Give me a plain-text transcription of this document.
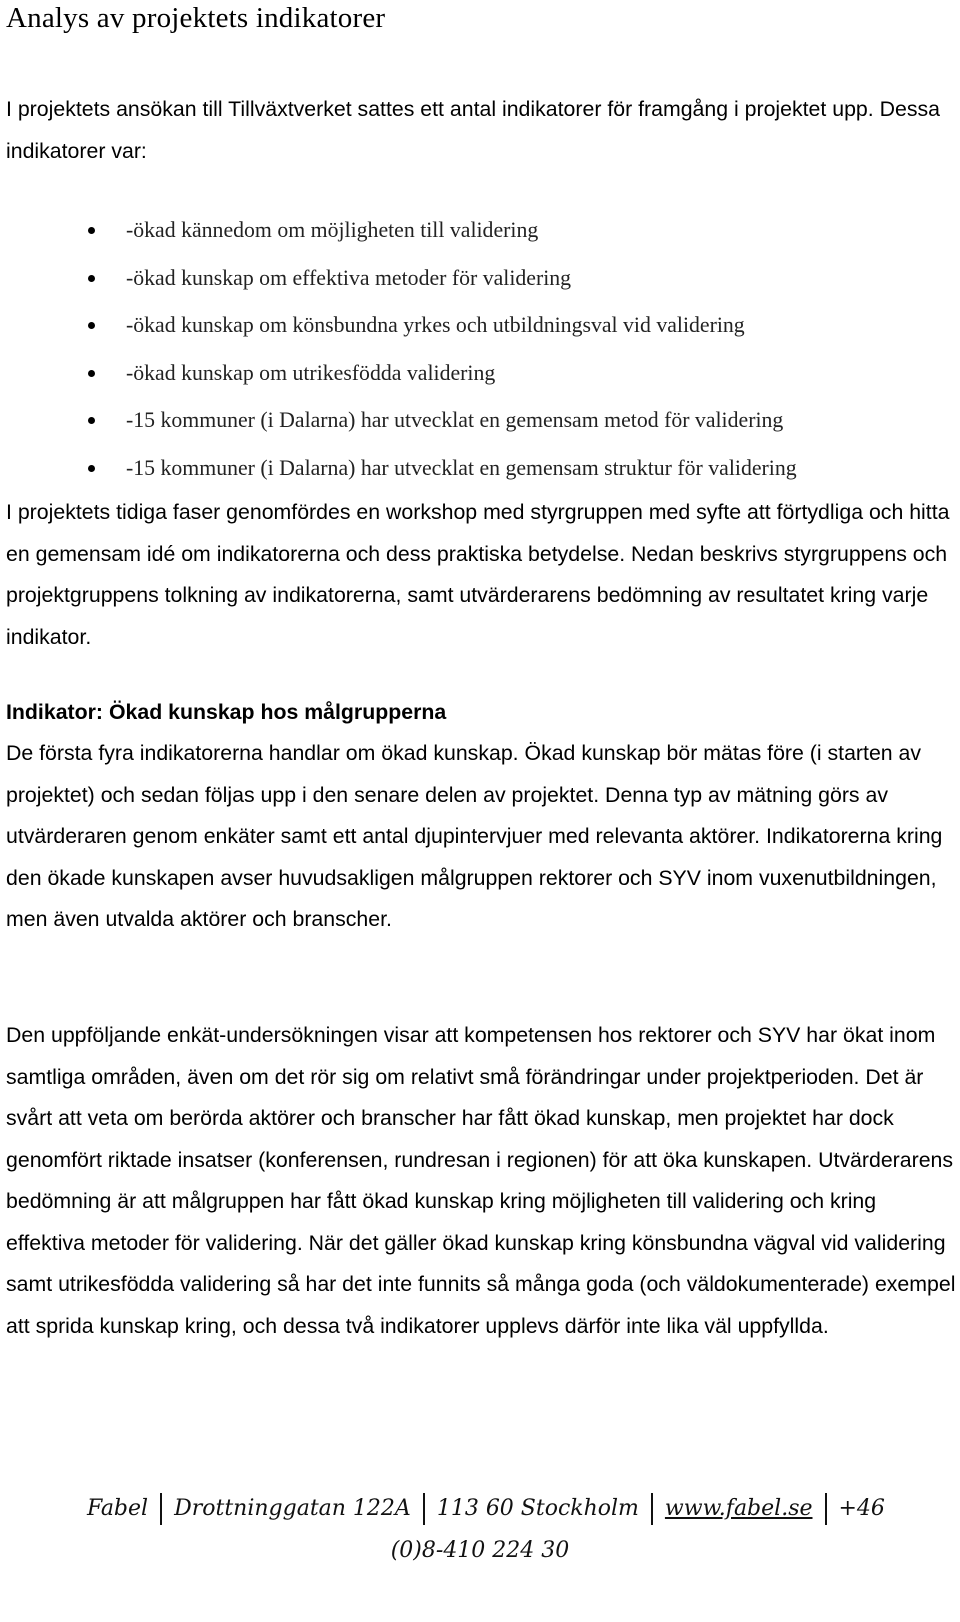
Analys av projektets indikatorer

I projektets ansökan till Tillväxtverket sattes ett antal indikatorer för framgång i projektet upp. Dessa indikatorer var:

-ökad kännedom om möjligheten till validering
-ökad kunskap om effektiva metoder för validering
-ökad kunskap om könsbundna yrkes och utbildningsval vid validering
-ökad kunskap om utrikesfödda validering
-15 kommuner (i Dalarna) har utvecklat en gemensam metod för validering
-15 kommuner (i Dalarna) har utvecklat en gemensam struktur för validering

I projektets tidiga faser genomfördes en workshop med styrgruppen med syfte att förtydliga och hitta en gemensam idé om indikatorerna och dess praktiska betydelse. Nedan beskrivs styrgruppens och projektgruppens tolkning av indikatorerna, samt utvärderarens bedömning av resultatet kring varje indikator.

Indikator: Ökad kunskap hos målgrupperna

De första fyra indikatorerna handlar om ökad kunskap. Ökad kunskap bör mätas före (i starten av projektet) och sedan följas upp i den senare delen av projektet. Denna typ av mätning görs av utvärderaren genom enkäter samt ett antal djupintervjuer med relevanta aktörer. Indikatorerna kring den ökade kunskapen avser huvudsakligen målgruppen rektorer och SYV inom vuxenutbildningen, men även utvalda aktörer och branscher.

Den uppföljande enkät-undersökningen visar att kompetensen hos rektorer och SYV har ökat inom samtliga områden, även om det rör sig om relativt små förändringar under projektperioden. Det är svårt att veta om berörda aktörer och branscher har fått ökad kunskap, men projektet har dock genomfört riktade insatser (konferensen, rundresan i regionen) för att öka kunskapen. Utvärderarens bedömning är att målgruppen har fått ökad kunskap kring möjligheten till validering och kring effektiva metoder för validering. När det gäller ökad kunskap kring könsbundna vägval vid validering samt utrikesfödda validering så har det inte funnits så många goda (och väldokumenterade) exempel att sprida kunskap kring, och dessa två indikatorer upplevs därför inte lika väl uppfyllda.

Fabel Drottninggatan 122A 113 60 Stockholm www.fabel.se +46
(0)8-410 224 30
